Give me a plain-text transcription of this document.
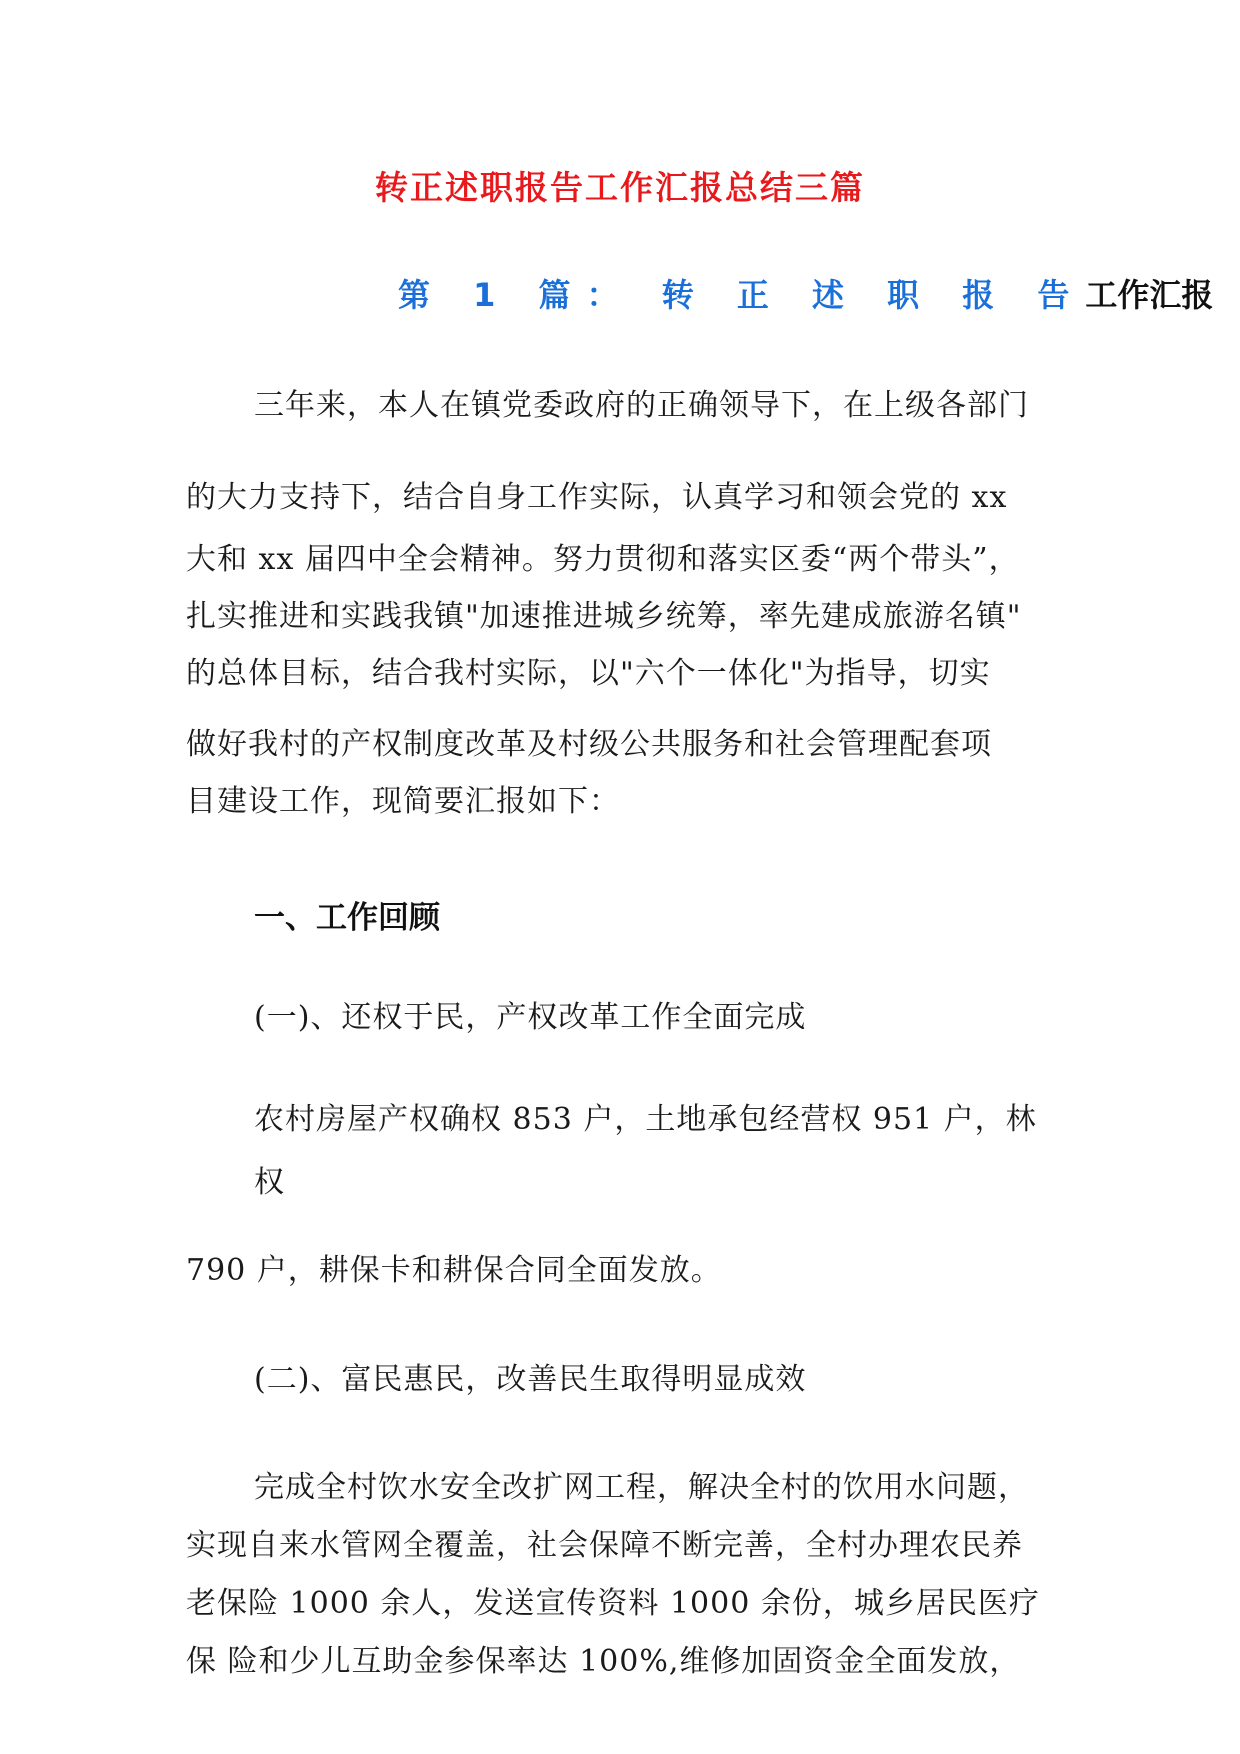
转正述职报告工作汇报总结三篇
第 1 篇： 转 正 述 职 报 告工作汇报
三年来，本人在镇党委政府的正确领导下，在上级各部门
的大力支持下，结合自身工作实际，认真学习和领会党的 xx
大和 xx 届四中全会精神。努力贯彻和落实区委“两个带头”，
扎实推进和实践我镇"加速推进城乡统筹，率先建成旅游名镇"
的总体目标，结合我村实际，以"六个一体化"为指导，切实
做好我村的产权制度改革及村级公共服务和社会管理配套项
目建设工作，现简要汇报如下：
一、工作回顾
(一)、还权于民，产权改革工作全面完成
农村房屋产权确权 853 户，土地承包经营权 951 户，林
权
790 户，耕保卡和耕保合同全面发放。
(二)、富民惠民，改善民生取得明显成效
完成全村饮水安全改扩网工程，解决全村的饮用水问题，
实现自来水管网全覆盖，社会保障不断完善，全村办理农民养
老保险 1000 余人，发送宣传资料 1000 余份，城乡居民医疗
保 险和少儿互助金参保率达 100%,维修加固资金全面发放，
